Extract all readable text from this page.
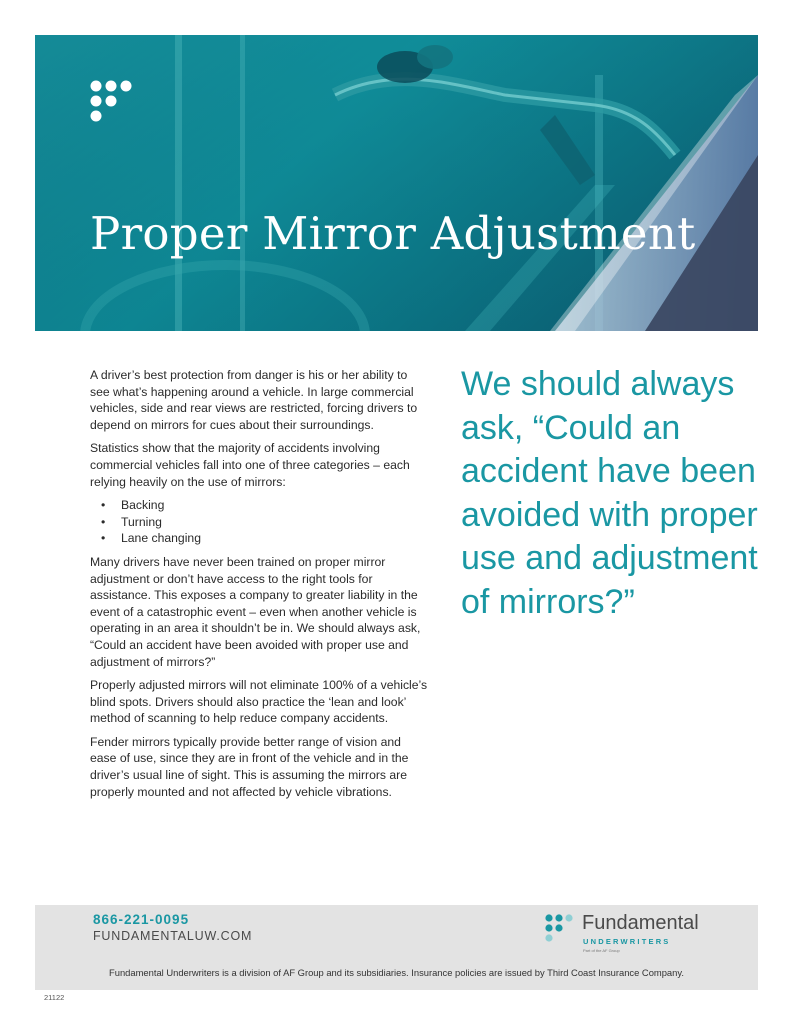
Proper Mirror Adjustment

A driver’s best protection from danger is his or her ability to see what’s happening around a vehicle. In large commercial vehicles, side and rear views are restricted, forcing drivers to depend on mirrors for cues about their surroundings.

Statistics show that the majority of accidents involving commercial vehicles fall into one of three categories – each relying heavily on the use of mirrors:

• Backing
• Turning
• Lane changing

Many drivers have never been trained on proper mirror adjustment or don’t have access to the right tools for assistance. This exposes a company to greater liability in the event of a catastrophic event – even when another vehicle is operating in an area it shouldn’t be in. We should always ask, “Could an accident have been avoided with proper use and adjustment of mirrors?”

Properly adjusted mirrors will not eliminate 100% of a vehicle’s blind spots. Drivers should also practice the ‘lean and look’ method of scanning to help reduce company accidents.

Fender mirrors typically provide better range of vision and ease of use, since they are in front of the vehicle and in the driver’s usual line of sight. This is assuming the mirrors are properly mounted and not affected by vehicle vibrations.

We should always ask, “Could an accident have been avoided with proper use and adjustment of mirrors?”

866-221-0095
FUNDAMENTALUW.COM
Fundamental
UNDERWRITERS
Part of the AF Group
Fundamental Underwriters is a division of AF Group and its subsidiaries. Insurance policies are issued by Third Coast Insurance Company.
21122
